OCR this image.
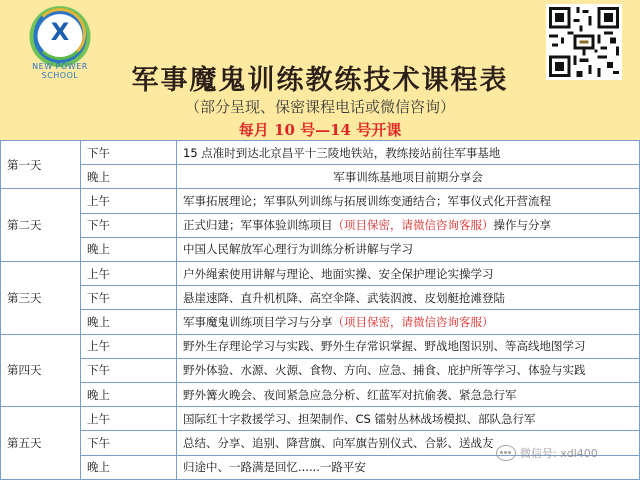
X
NEW POWER SCHOOL	军事魔鬼训练教练技术课程表
（部分呈现、保密课程电话或微信咨询）
每月 10 号—14 号开课
第一天	下午	15 点准时到达北京昌平十三陵地铁站，教练接站前往军事基地
	晚上	军事训练基地项目前期分享会
第二天	上午	军事拓展理论；军事队列训练与拓展训练变通结合；军事仪式化开营流程
	下午	正式归建；军事体验训练项目（项目保密，请微信咨询客服）操作与分享
	晚上	中国人民解放军心理行为训练分析讲解与学习
第三天	上午	户外绳索使用讲解与理论、地面实操、安全保护理论实操学习
	下午	悬崖速降、直升机机降、高空伞降、武装泅渡、皮划艇抢滩登陆
	晚上	军事魔鬼训练项目学习与分享（项目保密，请微信咨询客服）
第四天	上午	野外生存理论学习与实践、野外生存常识掌握、野战地图识别、等高线地图学习
	下午	野外体验、水源、火源、食物、方向、应急、捕食、庇护所等学习、体验与实践
	晚上	野外篝火晚会、夜间紧急应急分析、红蓝军对抗偷袭、紧急急行军
第五天	上午	国际红十字救援学习、担架制作、CS 镭射丛林战场模拟、部队急行军
	下午	总结、分享、追别、降营旗、向军旗告别仪式、合影、送战友
	晚上	归途中、一路满是回忆......一路平安
微信号: xdl400
